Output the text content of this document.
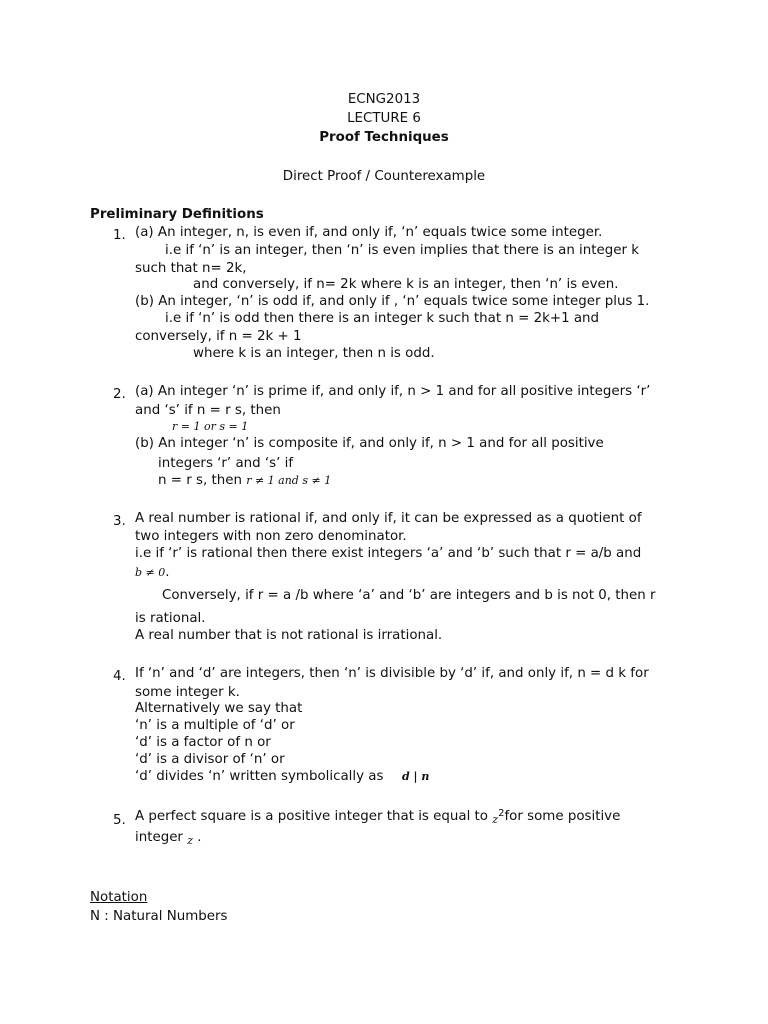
ECNG2013
LECTURE 6
Proof Techniques
Direct Proof / Counterexample
Preliminary Definitions
1. (a) An integer, n, is even if, and only if, ‘n’ equals twice some integer.
i.e if ‘n’ is an integer, then ‘n’ is even implies that there is an integer k
such that n= 2k,
and conversely, if n= 2k where k is an integer, then ‘n’ is even.
(b) An integer, ‘n’ is odd if, and only if , ‘n’ equals twice some integer plus 1.
i.e if ‘n’ is odd then there is an integer k such that n = 2k+1 and
conversely, if n = 2k + 1
where k is an integer, then n is odd.
2. (a) An integer ‘n’ is prime if, and only if, n > 1 and for all positive integers ‘r’
and ‘s’ if n = r s, then
r = 1 or s = 1
(b) An integer ‘n’ is composite if, and only if, n > 1 and for all positive
integers ‘r’ and ‘s’ if
n = r s, then r ≠ 1 and s ≠ 1
3. A real number is rational if, and only if, it can be expressed as a quotient of
two integers with non zero denominator.
i.e if ‘r’ is rational then there exist integers ‘a’ and ‘b’ such that r = a/b and
b ≠ 0.
Conversely, if r = a /b where ‘a’ and ‘b’ are integers and b is not 0, then r
is rational.
A real number that is not rational is irrational.
4. If ‘n’ and ‘d’ are integers, then ‘n’ is divisible by ‘d’ if, and only if, n = d k for
some integer k.
Alternatively we say that
‘n’ is a multiple of ‘d’ or
‘d’ is a factor of n or
‘d’ is a divisor of ‘n’ or
‘d’ divides ‘n’ written symbolically as d | n
5. A perfect square is a positive integer that is equal to $_z^2$for some positive
integer $_z$ .
Notation
N : Natural Numbers
